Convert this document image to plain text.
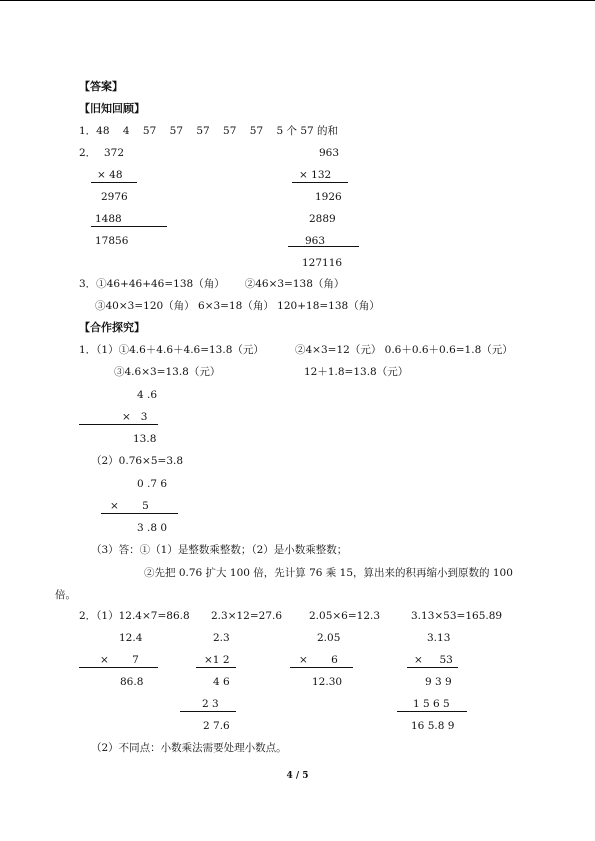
【答案】
【旧知回顾】
1．48    4    57    57    57    57    57    5 个 57 的和
2． 372
× 48
2976
1488
17856
963
× 132
1926
2889
963
127116
3．①46+46+46=138（角）      ②46×3=138（角）
③40×3=120（角） 6×3=18（角） 120+18=138（角）
【合作探究】
1．（1）①4.6＋4.6＋4.6=13.8（元）	②4×3=12（元） 0.6＋0.6＋0.6=1.8（元）
③4.6×3=13.8（元）	12＋1.8=13.8（元）
4 .6
×   3
13.8
（2）0.76×5=3.8
0 .7 6
×       5
3 .8 0
（3）答：①（1）是整数乘整数；（2）是小数乘整数；
②先把 0.76 扩大 100 倍，先计算 76 乘 15，算出来的积再缩小到原数的 100
倍。
2．（1）12.4×7=86.8 2.3×12=27.6	2.05×6=12.3	3.13×53=165.89
12.4
×       7
86.8
2.3
×1 2
4 6
2 3
2 7.6
2.05
×       6
12.30
3.13
×     53
9 3 9
1 5 6 5
16 5.8 9
（2）不同点：小数乘法需要处理小数点。
4 / 5
